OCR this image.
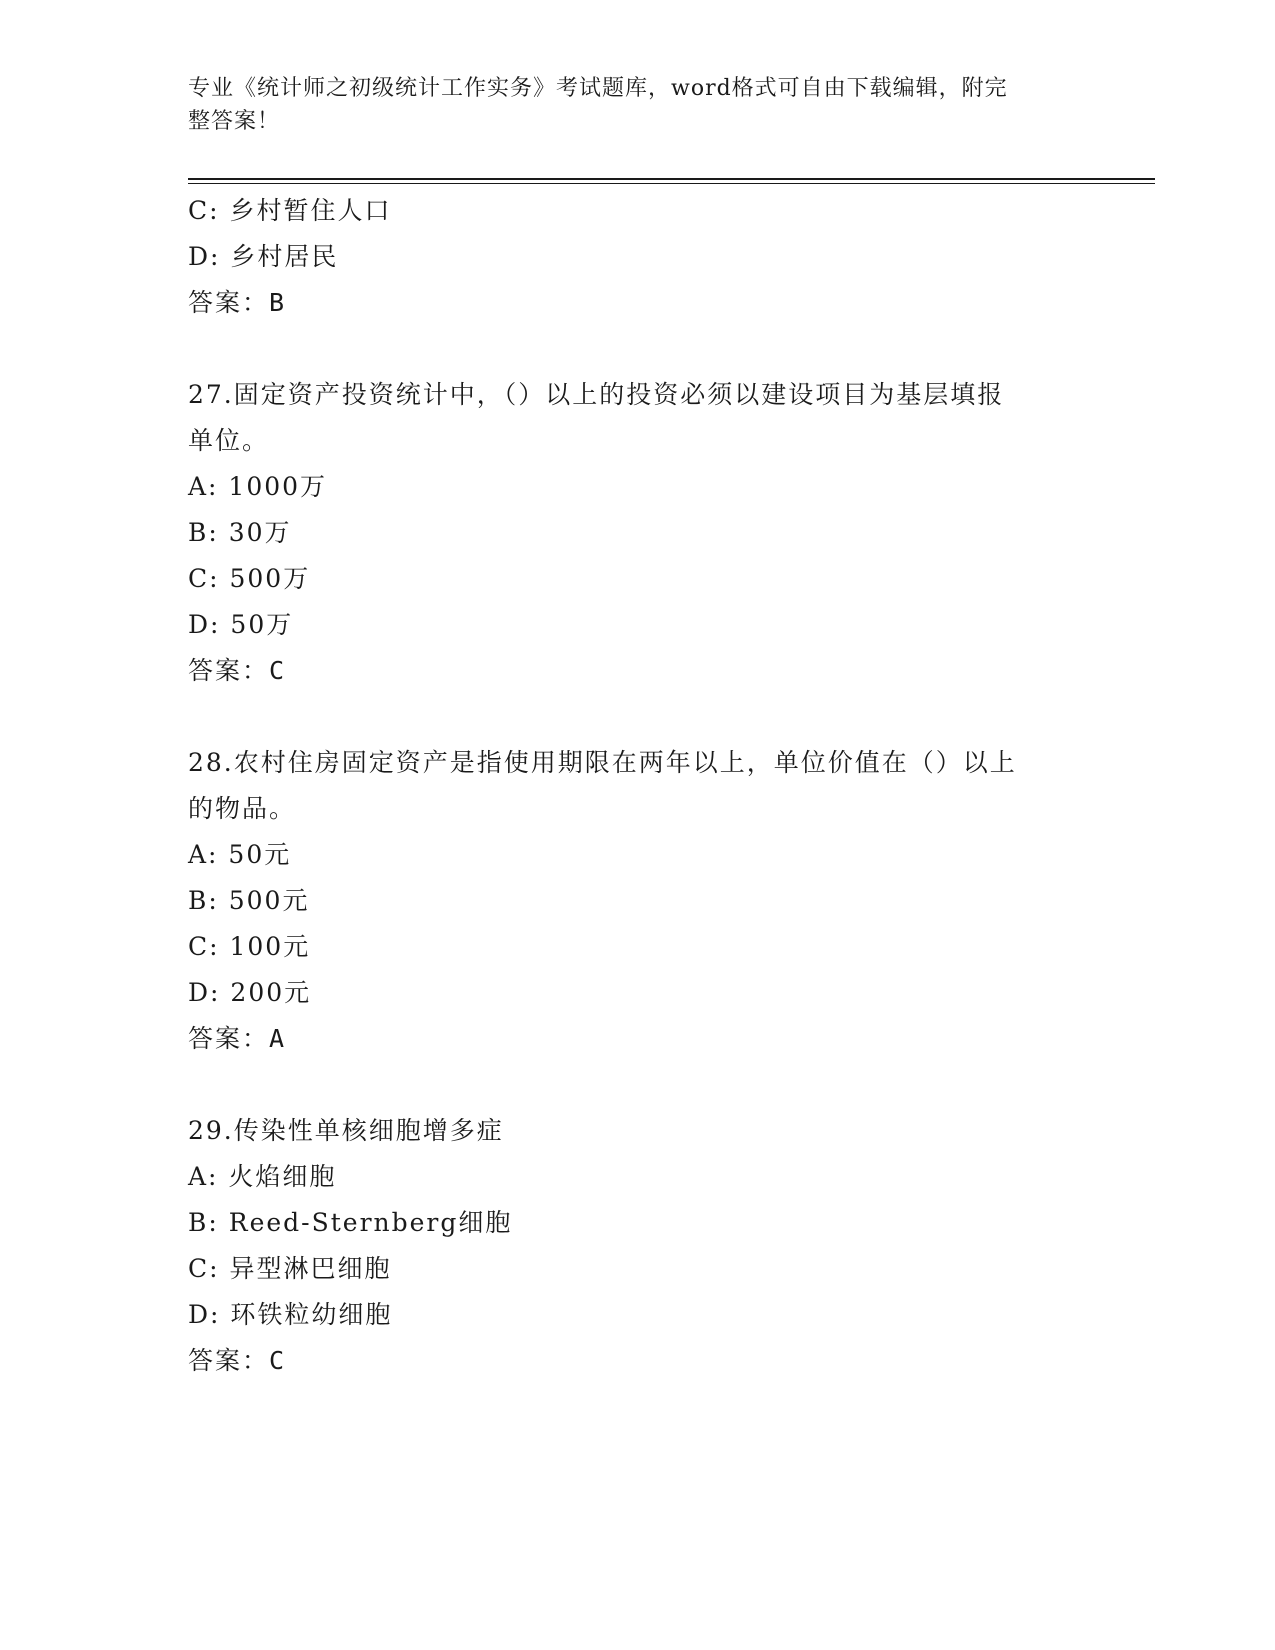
专业《统计师之初级统计工作实务》考试题库，word格式可自由下载编辑，附完
整答案！
C: 乡村暂住人口
D: 乡村居民
答案：B
27.固定资产投资统计中，（）以上的投资必须以建设项目为基层填报
单位。
A: 1000万
B: 30万
C: 500万
D: 50万
答案：C
28.农村住房固定资产是指使用期限在两年以上，单位价值在（）以上
的物品。
A: 50元
B: 500元
C: 100元
D: 200元
答案：A
29.传染性单核细胞增多症
A: 火焰细胞
B: Reed-Sternberg细胞
C: 异型淋巴细胞
D: 环铁粒幼细胞
答案：C
